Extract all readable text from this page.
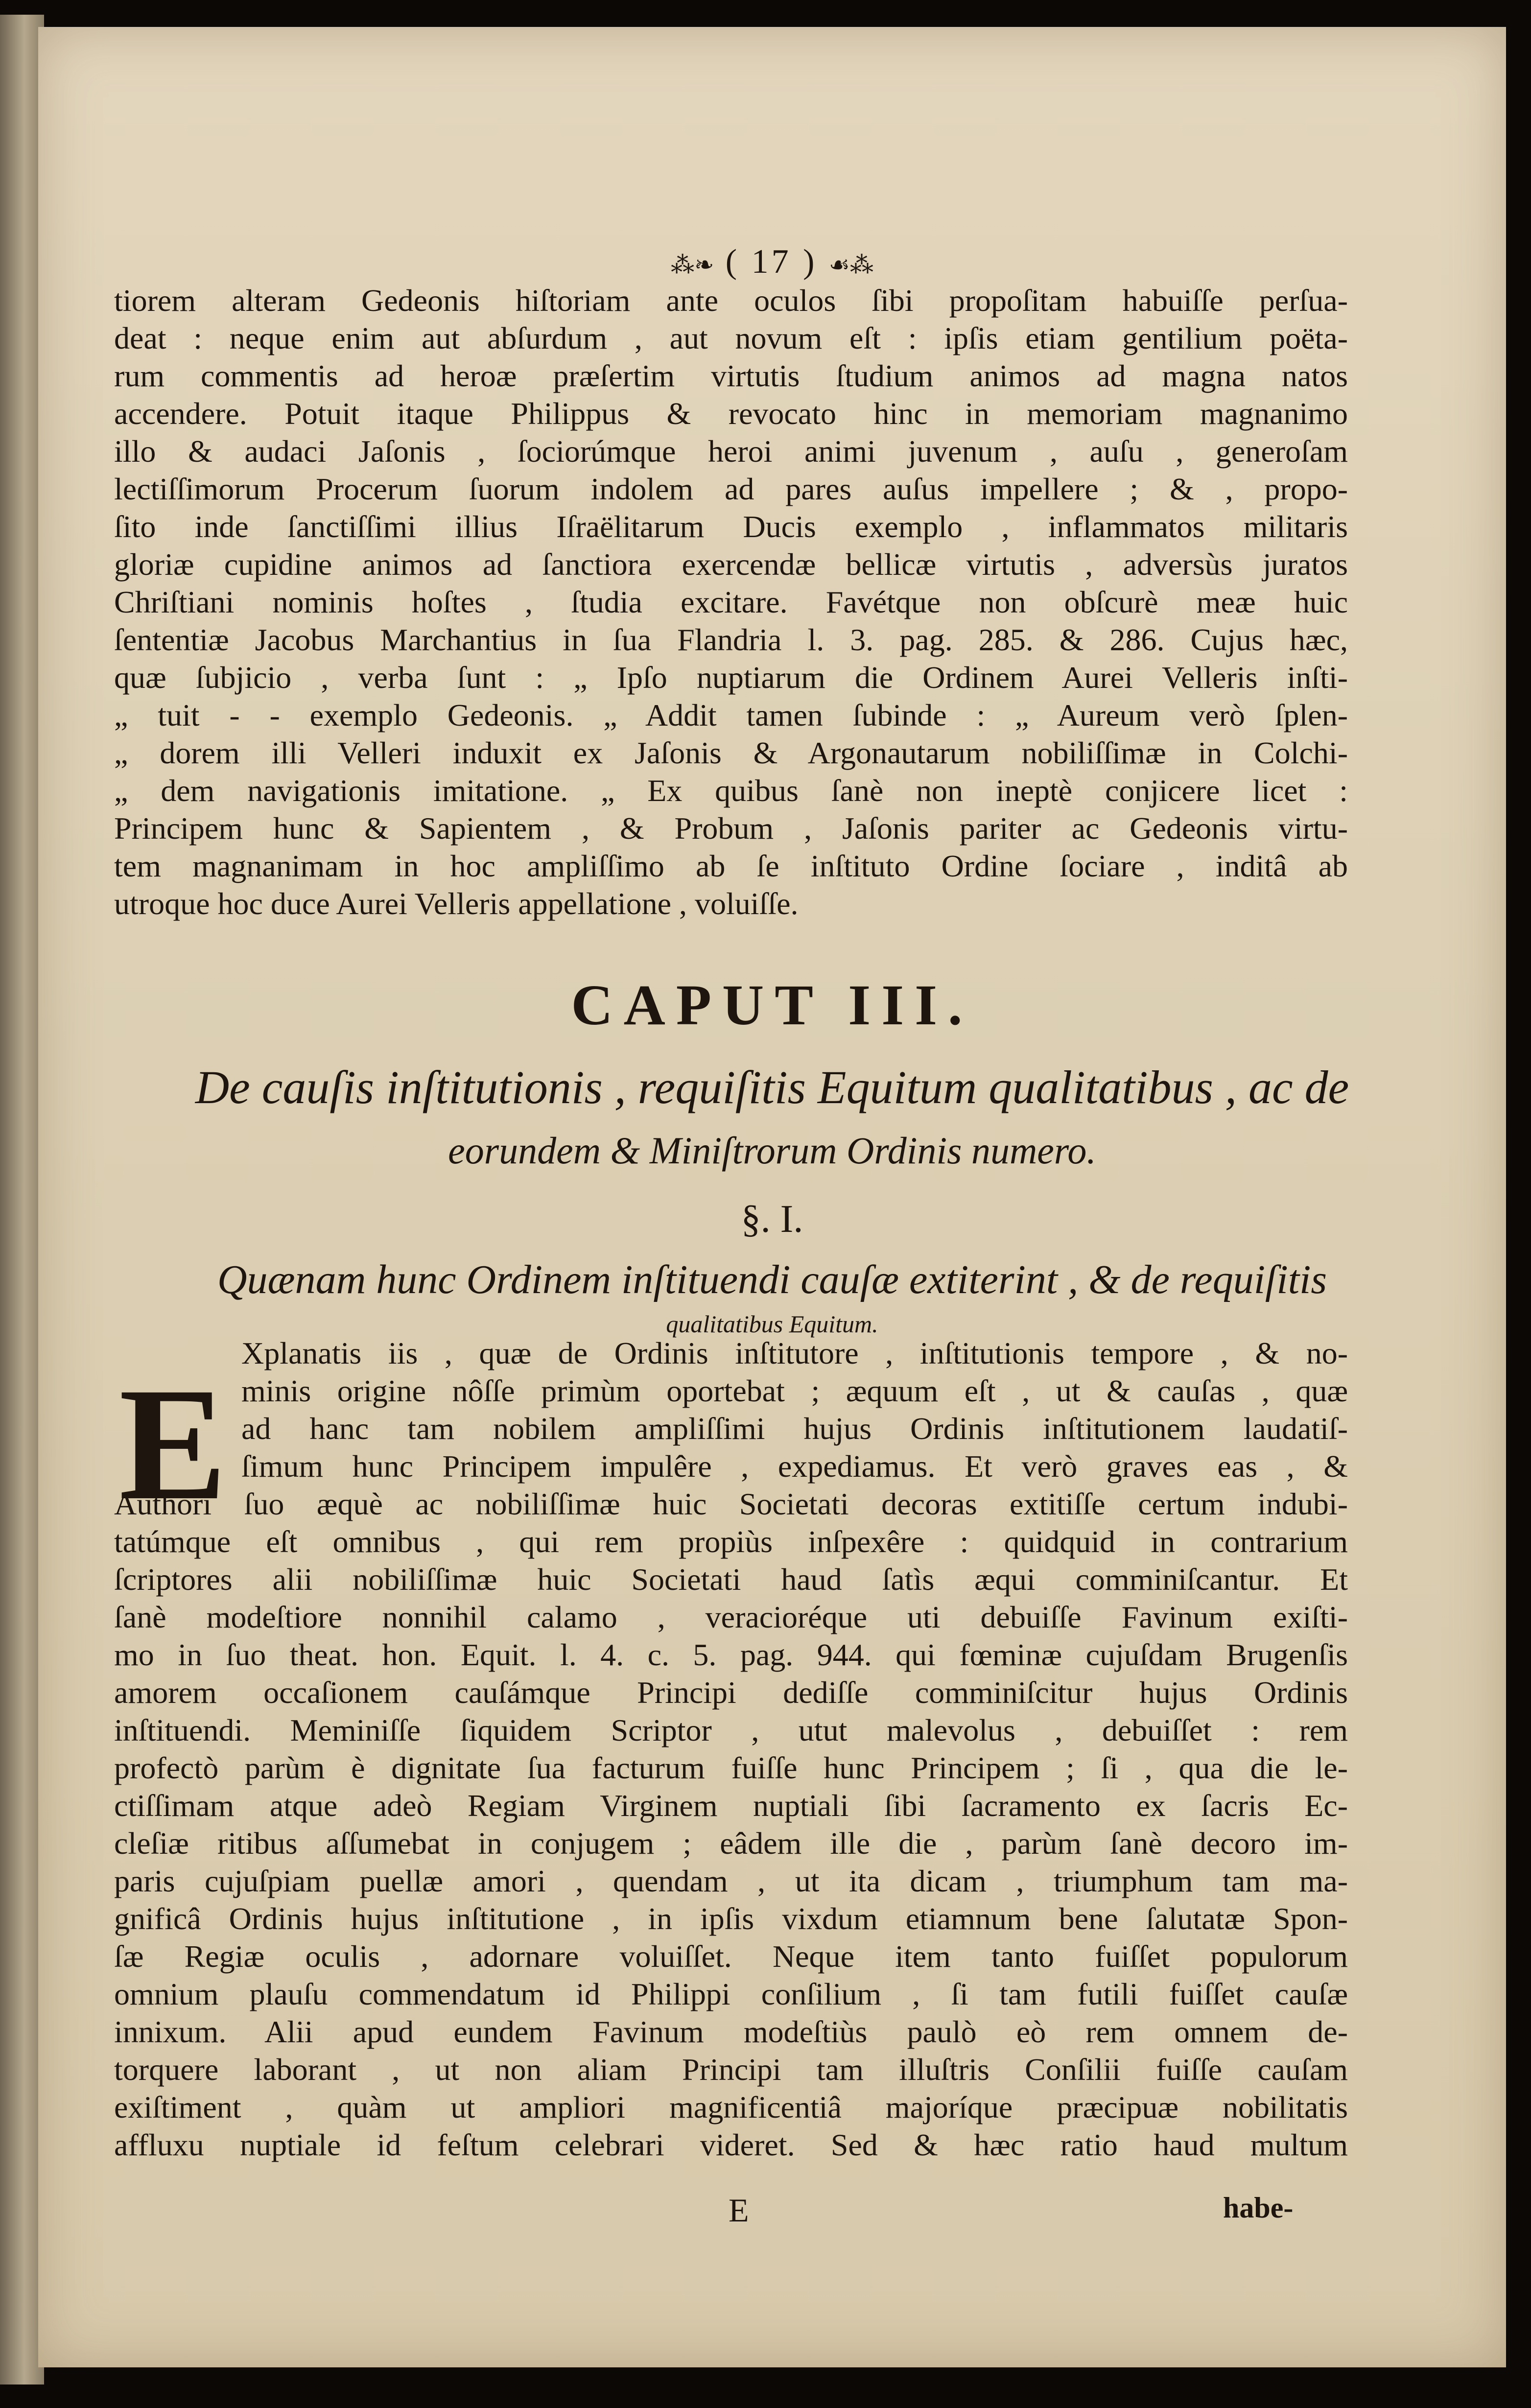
⁂❧ ( 17 ) ☙⁂
tiorem alteram Gedeonis hiſtoriam ante oculos ſibi propoſitam habuiſſe perſua-
deat : neque enim aut abſurdum , aut novum eſt : ipſis etiam gentilium poëta-
rum commentis ad heroæ præſertim virtutis ſtudium animos ad magna natos
accendere. Potuit itaque Philippus & revocato hinc in memoriam magnanimo
illo & audaci Jaſonis , ſociorúmque heroi animi juvenum , auſu , generoſam
lectiſſimorum Procerum ſuorum indolem ad pares auſus impellere ; & , propo-
ſito inde ſanctiſſimi illius Iſraëlitarum Ducis exemplo , inflammatos militaris
gloriæ cupidine animos ad ſanctiora exercendæ bellicæ virtutis , adversùs juratos
Chriſtiani nominis hoſtes , ſtudia excitare. Favétque non obſcurè meæ huic
ſententiæ Jacobus Marchantius in ſua Flandria l. 3. pag. 285. & 286. Cujus hæc,
quæ ſubjicio , verba ſunt : „ Ipſo nuptiarum die Ordinem Aurei Velleris inſti-
„ tuit - - exemplo Gedeonis. „ Addit tamen ſubinde : „ Aureum verò ſplen-
„ dorem illi Velleri induxit ex Jaſonis & Argonautarum nobiliſſimæ in Colchi-
„ dem navigationis imitatione. „ Ex quibus ſanè non ineptè conjicere licet :
Principem hunc & Sapientem , & Probum , Jaſonis pariter ac Gedeonis virtu-
tem magnanimam in hoc ampliſſimo ab ſe inſtituto Ordine ſociare , inditâ ab
utroque hoc duce Aurei Velleris appellatione , voluiſſe.
CAPUT III.
De cauſis inſtitutionis , requiſitis Equitum qualitatibus , ac de
eorundem & Miniſtrorum Ordinis numero.
§. I.
Quænam hunc Ordinem inſtituendi cauſæ extiterint , & de requiſitis
qualitatibus Equitum.
E
Xplanatis iis , quæ de Ordinis inſtitutore , inſtitutionis tempore , & no-
minis origine nôſſe primùm oportebat ; æquum eſt , ut & cauſas , quæ
ad hanc tam nobilem ampliſſimi hujus Ordinis inſtitutionem laudatiſ-
ſimum hunc Principem impulêre , expediamus. Et verò graves eas , &
Authori ſuo æquè ac nobiliſſimæ huic Societati decoras extitiſſe certum indubi-
tatúmque eſt omnibus , qui rem propiùs inſpexêre : quidquid in contrarium
ſcriptores alii nobiliſſimæ huic Societati haud ſatìs æqui comminiſcantur. Et
ſanè modeſtiore nonnihil calamo , veracioréque uti debuiſſe Favinum exiſti-
mo in ſuo theat. hon. Equit. l. 4. c. 5. pag. 944. qui fœminæ cujuſdam Brugenſis
amorem occaſionem cauſámque Principi dediſſe comminiſcitur hujus Ordinis
inſtituendi. Meminiſſe ſiquidem Scriptor , utut malevolus , debuiſſet : rem
profectò parùm è dignitate ſua facturum fuiſſe hunc Principem ; ſi , qua die le-
ctiſſimam atque adeò Regiam Virginem nuptiali ſibi ſacramento ex ſacris Ec-
cleſiæ ritibus aſſumebat in conjugem ; eâdem ille die , parùm ſanè decoro im-
paris cujuſpiam puellæ amori , quendam , ut ita dicam , triumphum tam ma-
gnificâ Ordinis hujus inſtitutione , in ipſis vixdum etiamnum bene ſalutatæ Spon-
ſæ Regiæ oculis , adornare voluiſſet. Neque item tanto fuiſſet populorum
omnium plauſu commendatum id Philippi conſilium , ſi tam futili fuiſſet cauſæ
innixum. Alii apud eundem Favinum modeſtiùs paulò eò rem omnem de-
torquere laborant , ut non aliam Principi tam illuſtris Conſilii fuiſſe cauſam
exiſtiment , quàm ut ampliori magnificentiâ majoríque præcipuæ nobilitatis
affluxu nuptiale id feſtum celebrari videret. Sed & hæc ratio haud multum
E	habe-
